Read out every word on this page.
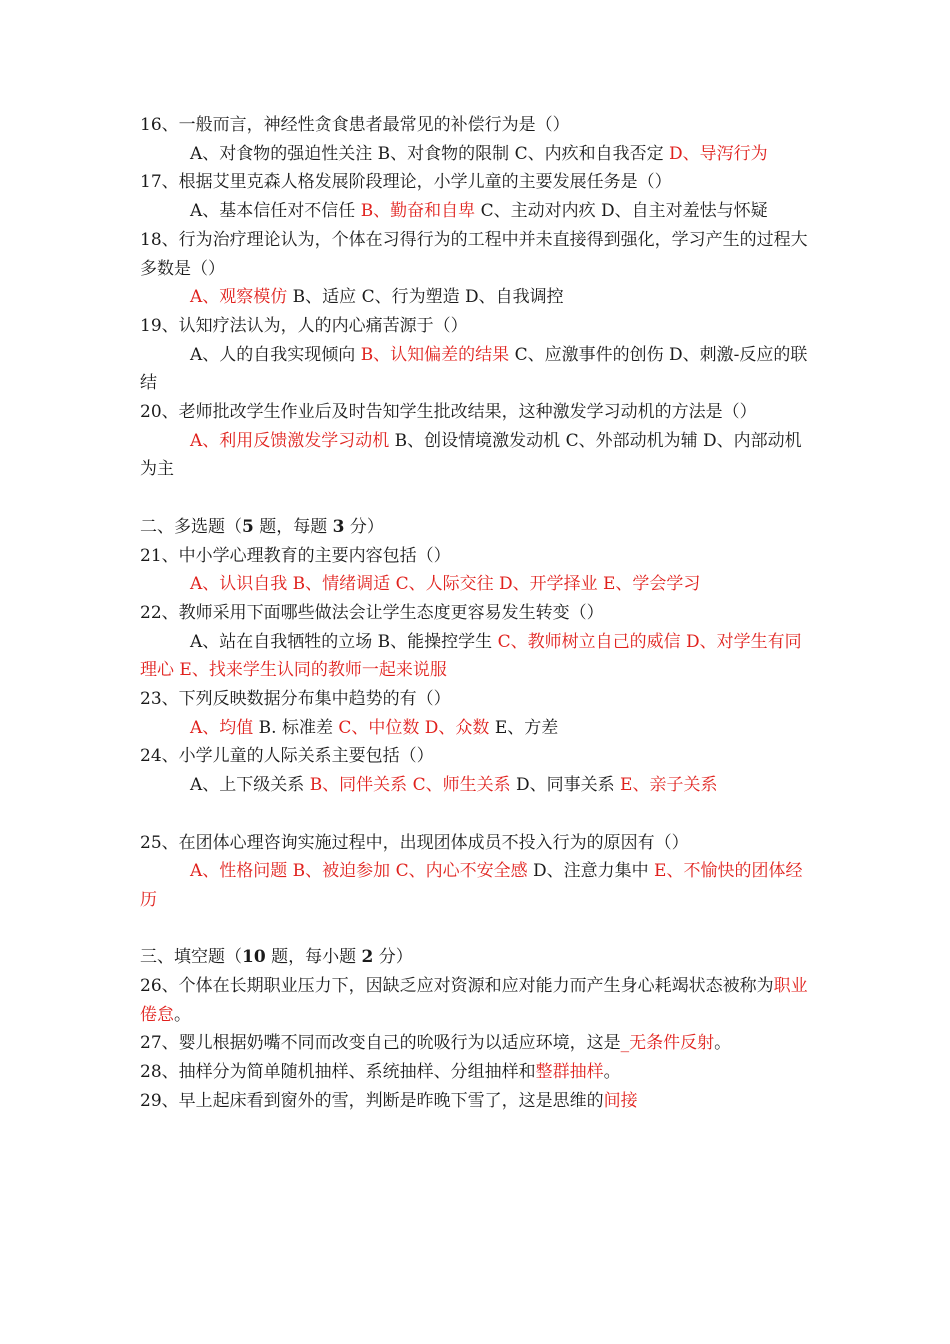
16、一般而言，神经性贪食患者最常见的补偿行为是（）
A、对食物的强迫性关注 B、对食物的限制 C、内疚和自我否定 D、导泻行为
17、根据艾里克森人格发展阶段理论，小学儿童的主要发展任务是（）
A、基本信任对不信任 B、勤奋和自卑 C、主动对内疚 D、自主对羞怯与怀疑
18、行为治疗理论认为，个体在习得行为的工程中并未直接得到强化，学习产生的过程大多数是（）
A、观察模仿 B、适应 C、行为塑造 D、自我调控
19、认知疗法认为，人的内心痛苦源于（）
A、人的自我实现倾向 B、认知偏差的结果 C、应激事件的创伤 D、刺激-反应的联结
20、老师批改学生作业后及时告知学生批改结果，这种激发学习动机的方法是（）
A、利用反馈激发学习动机 B、创设情境激发动机 C、外部动机为辅 D、内部动机为主
二、多选题（5 题，每题 3 分）
21、中小学心理教育的主要内容包括（）
A、认识自我 B、情绪调适 C、人际交往 D、开学择业 E、学会学习
22、教师采用下面哪些做法会让学生态度更容易发生转变（）
A、站在自我牺牲的立场 B、能操控学生 C、教师树立自己的威信 D、对学生有同理心 E、找来学生认同的教师一起来说服
23、下列反映数据分布集中趋势的有（）
A、均值 B. 标准差 C、中位数 D、众数 E、方差
24、小学儿童的人际关系主要包括（）
A、上下级关系 B、同伴关系 C、师生关系 D、同事关系 E、亲子关系
25、在团体心理咨询实施过程中，出现团体成员不投入行为的原因有（）
A、性格问题 B、被迫参加 C、内心不安全感 D、注意力集中 E、不愉快的团体经历
三、填空题（10 题，每小题 2 分）
26、个体在长期职业压力下，因缺乏应对资源和应对能力而产生身心耗竭状态被称为职业倦怠。
27、婴儿根据奶嘴不同而改变自己的吮吸行为以适应环境，这是_无条件反射。
28、抽样分为简单随机抽样、系统抽样、分组抽样和整群抽样。
29、早上起床看到窗外的雪，判断是昨晚下雪了，这是思维的间接
